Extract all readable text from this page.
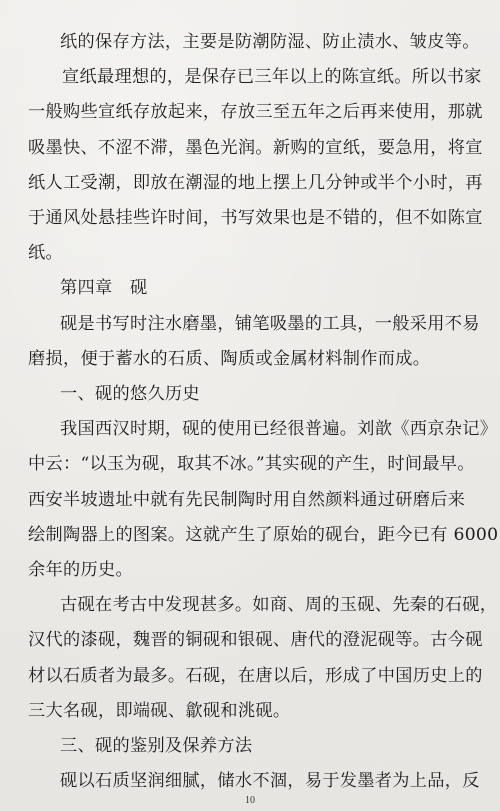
纸的保存方法，主要是防潮防湿、防止渍水、皱皮等。

宣纸最理想的，是保存已三年以上的陈宣纸。所以书家

一般购些宣纸存放起来，存放三至五年之后再来使用，那就

吸墨快、不涩不滞，墨色光润。新购的宣纸，要急用，将宣

纸人工受潮，即放在潮湿的地上摆上几分钟或半个小时，再

于通风处悬挂些许时间，书写效果也是不错的，但不如陈宣

纸。

第四章　砚

砚是书写时注水磨墨，铺笔吸墨的工具，一般采用不易

磨损，便于蓄水的石质、陶质或金属材料制作而成。

一、砚的悠久历史

我国西汉时期，砚的使用已经很普遍。刘歆《西京杂记》

中云：“以玉为砚，取其不冰。”其实砚的产生，时间最早。

西安半坡遗址中就有先民制陶时用自然颜料通过研磨后来

绘制陶器上的图案。这就产生了原始的砚台，距今已有 6000

余年的历史。

古砚在考古中发现甚多。如商、周的玉砚、先秦的石砚，

汉代的漆砚，魏晋的铜砚和银砚、唐代的澄泥砚等。古今砚

材以石质者为最多。石砚，在唐以后，形成了中国历史上的

三大名砚，即端砚、歙砚和洮砚。

三、砚的鉴别及保养方法

砚以石质坚润细腻，储水不涸，易于发墨者为上品，反

10
